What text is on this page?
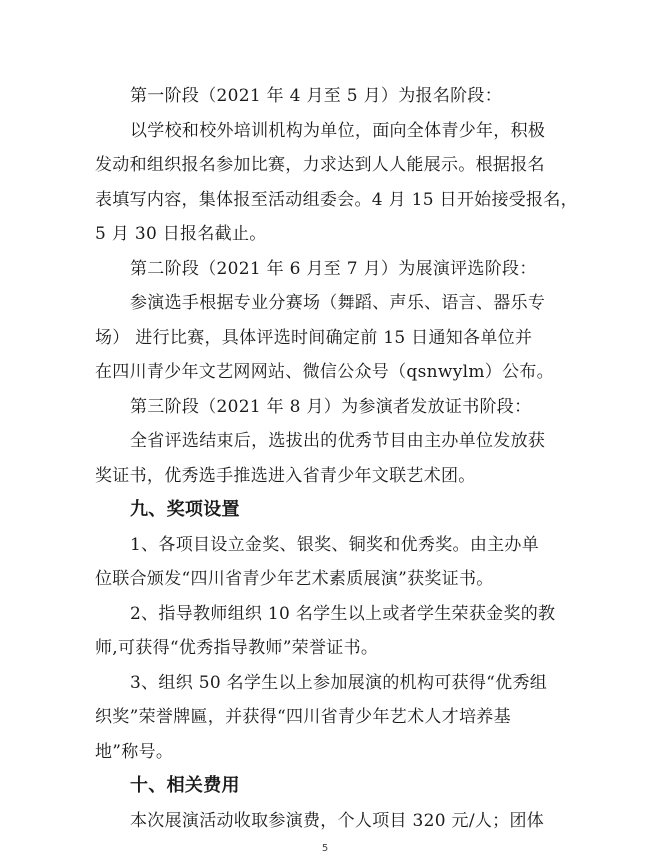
第一阶段（2021 年 4 月至 5 月）为报名阶段：
以学校和校外培训机构为单位，面向全体青少年，积极
发动和组织报名参加比赛，力求达到人人能展示。根据报名
表填写内容，集体报至活动组委会。4 月 15 日开始接受报名，
5 月 30 日报名截止。
第二阶段（2021 年 6 月至 7 月）为展演评选阶段：
参演选手根据专业分赛场（舞蹈、声乐、语言、器乐专
场） 进行比赛，具体评选时间确定前 15 日通知各单位并
在四川青少年文艺网网站、微信公众号（qsnwylm）公布。
第三阶段（2021 年 8 月）为参演者发放证书阶段：
全省评选结束后，选拔出的优秀节目由主办单位发放获
奖证书，优秀选手推选进入省青少年文联艺术团。
九、奖项设置
1、各项目设立金奖、银奖、铜奖和优秀奖。由主办单
位联合颁发“四川省青少年艺术素质展演”获奖证书。
2、指导教师组织 10 名学生以上或者学生荣获金奖的教
师,可获得“优秀指导教师”荣誉证书。
3、组织 50 名学生以上参加展演的机构可获得“优秀组
织奖”荣誉牌匾，并获得“四川省青少年艺术人才培养基
地”称号。
十、相关费用
本次展演活动收取参演费，个人项目 320 元/人；团体
5
